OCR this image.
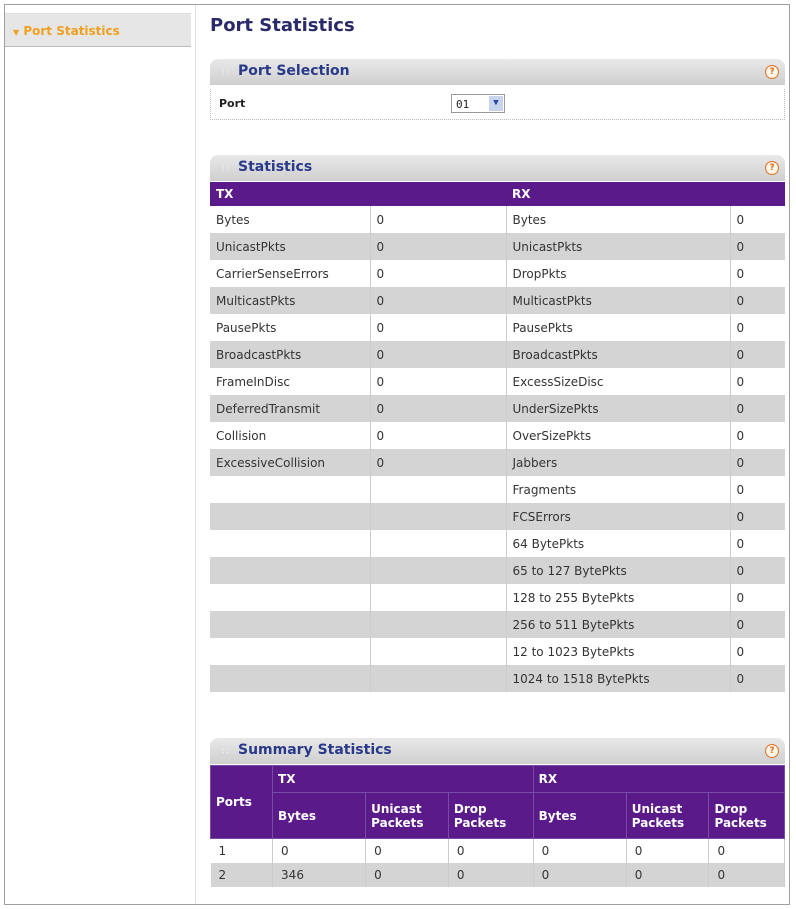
▼ Port Statistics	Port Statistics
:: Port Selection	?
Port	01	▼
:: Statistics	?
TX		RX	
Bytes	0	Bytes	0
UnicastPkts	0	UnicastPkts	0
CarrierSenseErrors	0	DropPkts	0
MulticastPkts	0	MulticastPkts	0
PausePkts	0	PausePkts	0
BroadcastPkts	0	BroadcastPkts	0
FrameInDisc	0	ExcessSizeDisc	0
DeferredTransmit	0	UnderSizePkts	0
Collision	0	OverSizePkts	0
ExcessiveCollision	0	Jabbers	0
		Fragments	0
		FCSErrors	0
		64 BytePkts	0
		65 to 127 BytePkts	0
		128 to 255 BytePkts	0
		256 to 511 BytePkts	0
		12 to 1023 BytePkts	0
		1024 to 1518 BytePkts	0
:: Summary Statistics	?
Ports	TX			RX		
	Bytes	Unicast Packets	Drop Packets	Bytes	Unicast Packets	Drop Packets
1	0	0	0	0	0	0
2	346	0	0	0	0	0
